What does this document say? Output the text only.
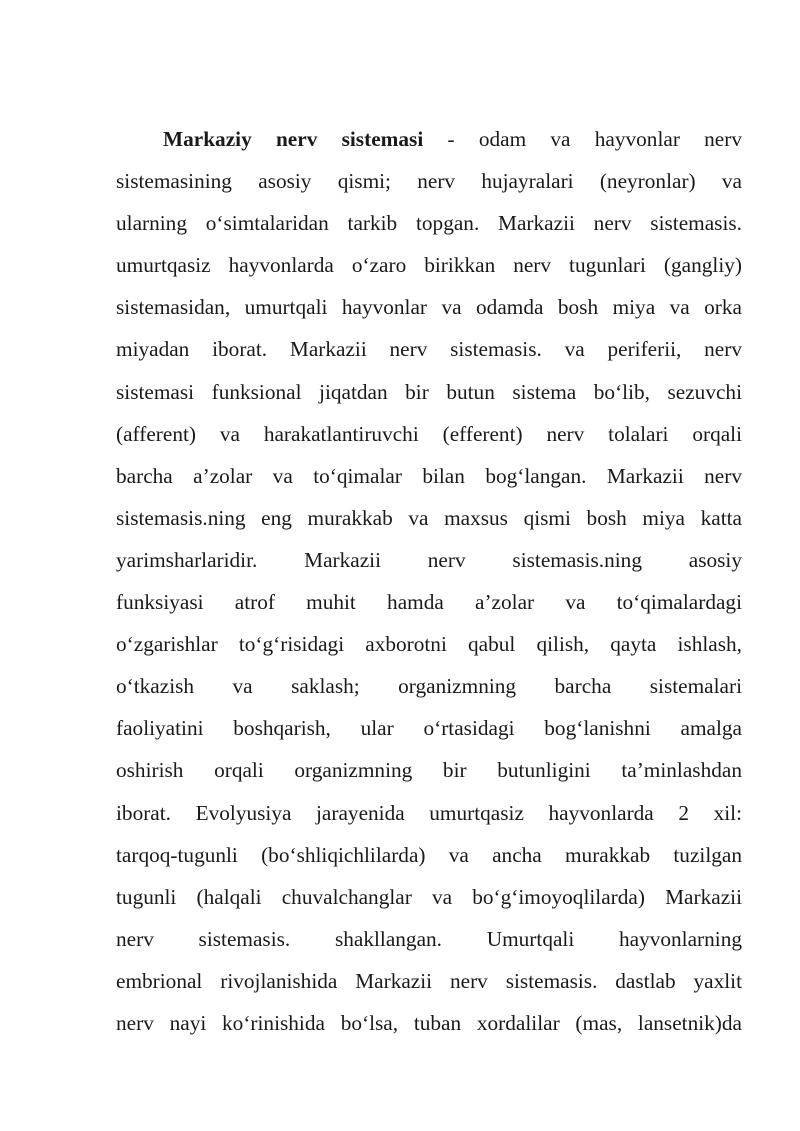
Markaziy nerv sistemasi - odam va hayvonlar nerv
sistemasining asosiy qismi; nerv hujayralari (neyronlar) va
ularning o‘simtalaridan tarkib topgan. Markazii nerv sistemasis.
umurtqasiz hayvonlarda o‘zaro birikkan nerv tugunlari (gangliy)
sistemasidan, umurtqali hayvonlar va odamda bosh miya va orka
miyadan iborat. Markazii nerv sistemasis. va periferii, nerv
sistemasi funksional jiqatdan bir butun sistema bo‘lib, sezuvchi
(afferent) va harakatlantiruvchi (efferent) nerv tolalari orqali
barcha a’zolar va to‘qimalar bilan bog‘langan. Markazii nerv
sistemasis.ning eng murakkab va maxsus qismi bosh miya katta
yarimsharlaridir. Markazii nerv sistemasis.ning asosiy
funksiyasi atrof muhit hamda a’zolar va to‘qimalardagi
o‘zgarishlar to‘g‘risidagi axborotni qabul qilish, qayta ishlash,
o‘tkazish va saklash; organizmning barcha sistemalari
faoliyatini boshqarish, ular o‘rtasidagi bog‘lanishni amalga
oshirish orqali organizmning bir butunligini ta’minlashdan
iborat. Evolyusiya jarayenida umurtqasiz hayvonlarda 2 xil:
tarqoq-tugunli (bo‘shliqichlilarda) va ancha murakkab tuzilgan
tugunli (halqali chuvalchanglar va bo‘g‘imoyoqlilarda) Markazii
nerv sistemasis. shakllangan. Umurtqali hayvonlarning
embrional rivojlanishida Markazii nerv sistemasis. dastlab yaxlit
nerv nayi ko‘rinishida bo‘lsa, tuban xordalilar (mas, lansetnik)da
